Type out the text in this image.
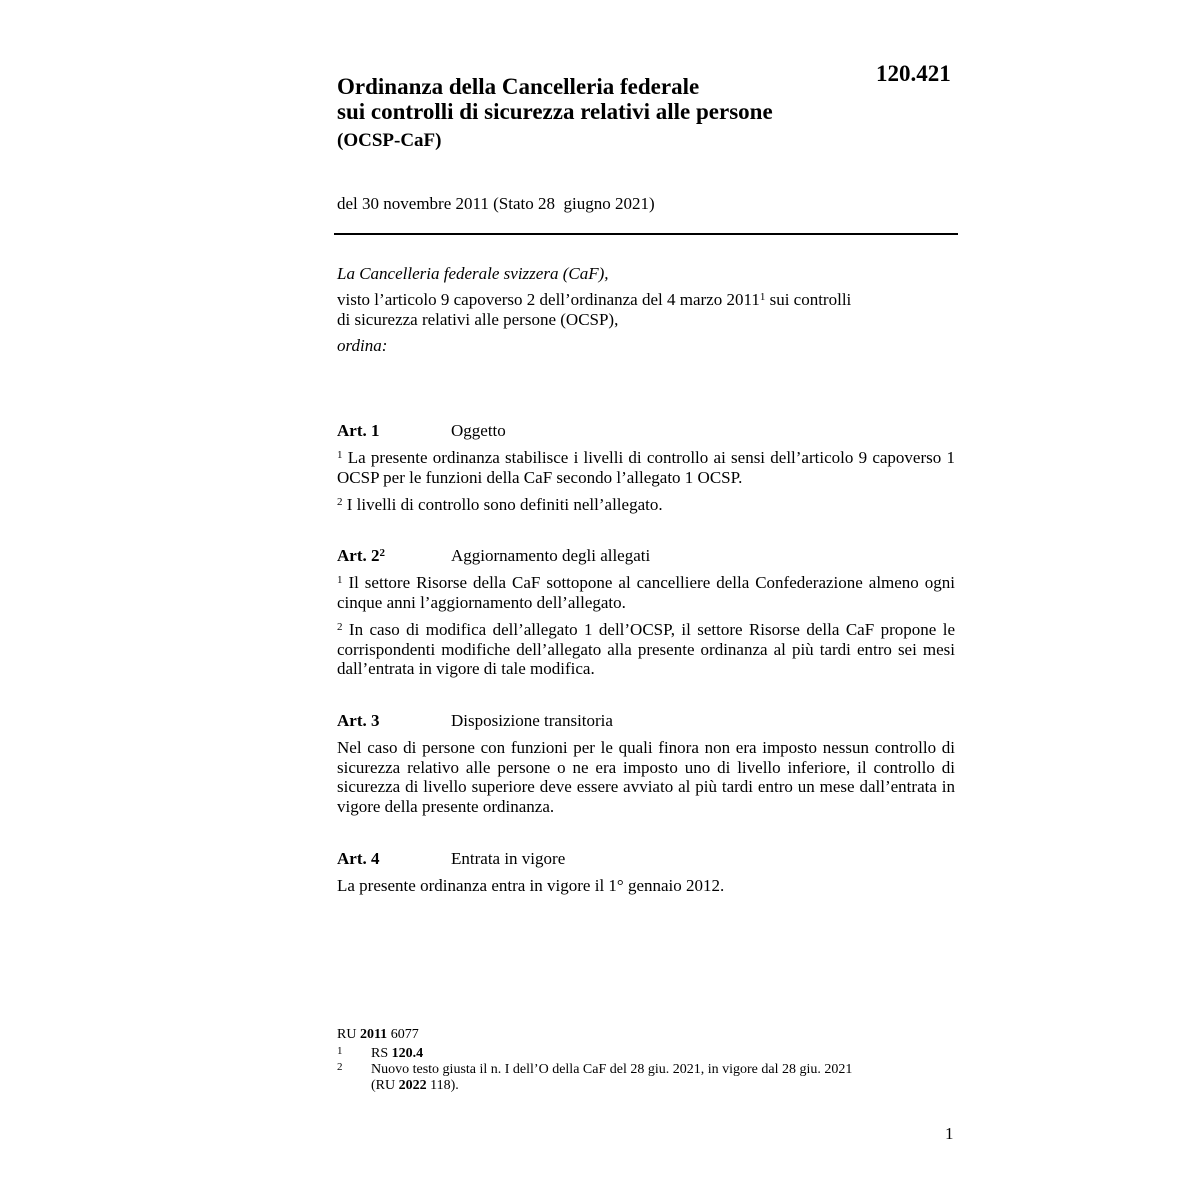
120.421
Ordinanza della Cancelleria federale
sui controlli di sicurezza relativi alle persone
(OCSP-CaF)
del 30 novembre 2011 (Stato 28  giugno 2021)
La Cancelleria federale svizzera (CaF),
visto l’articolo 9 capoverso 2 dell’ordinanza del 4 marzo 2011$^1$ sui controlli
di sicurezza relativi alle persone (OCSP),
ordina:
Art. 1	Oggetto

$^1$ La presente ordinanza stabilisce i livelli di controllo ai sensi dell’articolo 9 capoverso 1 OCSP per le funzioni della CaF secondo l’allegato 1 OCSP.

$^2$ I livelli di controllo sono definiti nell’allegato.

Art. 2$^2$	Aggiornamento degli allegati

$^1$ Il settore Risorse della CaF sottopone al cancelliere della Confederazione almeno ogni cinque anni l’aggiornamento dell’allegato.

$^2$ In caso di modifica dell’allegato 1 dell’OCSP, il settore Risorse della CaF propone le corrispondenti modifiche dell’allegato alla presente ordinanza al più tardi entro sei mesi dall’entrata in vigore di tale modifica.

Art. 3	Disposizione transitoria

Nel caso di persone con funzioni per le quali finora non era imposto nessun controllo di sicurezza relativo alle persone o ne era imposto uno di livello inferiore, il controllo di sicurezza di livello superiore deve essere avviato al più tardi entro un mese dall’entrata in vigore della presente ordinanza.

Art. 4	Entrata in vigore

La presente ordinanza entra in vigore il 1° gennaio 2012.

RU 2011 6077
1	RS 120.4
2	Nuovo testo giusta il n. I dell’O della CaF del 28 giu. 2021, in vigore dal 28 giu. 2021
(RU 2022 118).
1
